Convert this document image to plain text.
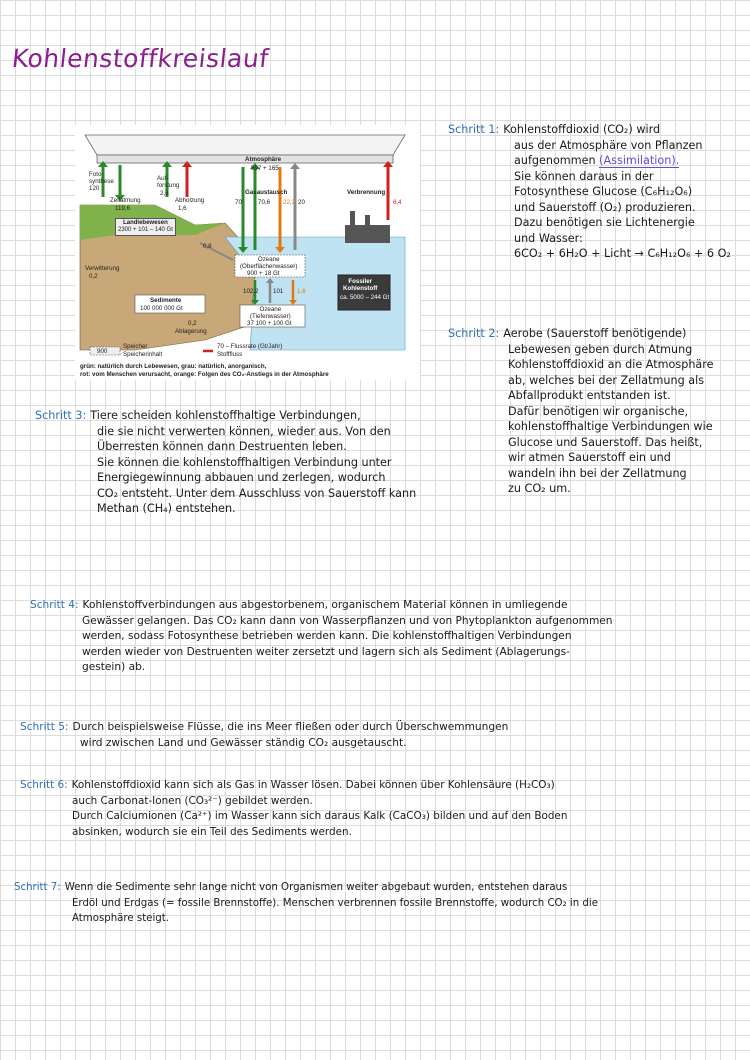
Kohlenstoffkreislauf
Atmosphäre
597 + 165
Foto-
synthese
120
Auf-
forstung
2,6
Zellatmung
119,6
Abholzung
1,6
Gasaustausch
70	70,6 22,2 20
Verbrennung
6,4
Landlebewesen
2300 + 101 – 140 Gt
0,8
Verwitterung
0,2
Ozeane
(Oberflächenwasser)
900 + 18 Gt
102,2 101 1,6
Ozeane
(Tiefenwasser)
37 100 + 100 Gt
Fossiler
Kohlenstoff
ca. 5000 – 244 Gt
Sedimente
100 000 000 Gt
Ablagerung
0,2
Speicher
900	Speicherinhalt
70 – Flussrate (Gt/Jahr)
Stofffluss
grün: natürlich durch Lebewesen, grau: natürlich, anorganisch,
rot: vom Menschen verursacht, orange: Folgen des CO₂-Anstiegs in der Atmosphäre
Schritt 1: Kohlenstoffdioxid (CO₂) wird
aus der Atmosphäre von Pflanzen
aufgenommen (Assimilation).
Sie können daraus in der
Fotosynthese Glucose (C₆H₁₂O₆)
und Sauerstoff (O₂) produzieren.
Dazu benötigen sie Lichtenergie
und Wasser:
6CO₂ + 6H₂O + Licht → C₆H₁₂O₆ + 6 O₂
Schritt 2: Aerobe (Sauerstoff benötigende)
Lebewesen geben durch Atmung
Kohlenstoffdioxid an die Atmosphäre
ab, welches bei der Zellatmung als
Abfallprodukt entstanden ist.
Dafür benötigen wir organische,
kohlenstoffhaltige Verbindungen wie
Glucose und Sauerstoff. Das heißt,
wir atmen Sauerstoff ein und
wandeln ihn bei der Zellatmung
zu CO₂ um.
Schritt 3: Tiere scheiden kohlenstoffhaltige Verbindungen,
die sie nicht verwerten können, wieder aus. Von den
Überresten können dann Destruenten leben.
Sie können die kohlenstoffhaltigen Verbindung unter
Energiegewinnung abbauen und zerlegen, wodurch
CO₂ entsteht. Unter dem Ausschluss von Sauerstoff kann
Methan (CH₄) entstehen.
Schritt 4: Kohlenstoffverbindungen aus abgestorbenem, organischem Material können in umliegende
Gewässer gelangen. Das CO₂ kann dann von Wasserpflanzen und von Phytoplankton aufgenommen
werden, sodass Fotosynthese betrieben werden kann. Die kohlenstoffhaltigen Verbindungen
werden wieder von Destruenten weiter zersetzt und lagern sich als Sediment (Ablagerungs-
gestein) ab.
Schritt 5: Durch beispielsweise Flüsse, die ins Meer fließen oder durch Überschwemmungen
wird zwischen Land und Gewässer ständig CO₂ ausgetauscht.
Schritt 6: Kohlenstoffdioxid kann sich als Gas in Wasser lösen. Dabei können über Kohlensäure (H₂CO₃)
auch Carbonat-Ionen (CO₃²⁻) gebildet werden.
Durch Calciumionen (Ca²⁺) im Wasser kann sich daraus Kalk (CaCO₃) bilden und auf den Boden
absinken, wodurch sie ein Teil des Sediments werden.
Schritt 7: Wenn die Sedimente sehr lange nicht von Organismen weiter abgebaut wurden, entstehen daraus
Erdöl und Erdgas (= fossile Brennstoffe). Menschen verbrennen fossile Brennstoffe, wodurch CO₂ in die
Atmosphäre steigt.
